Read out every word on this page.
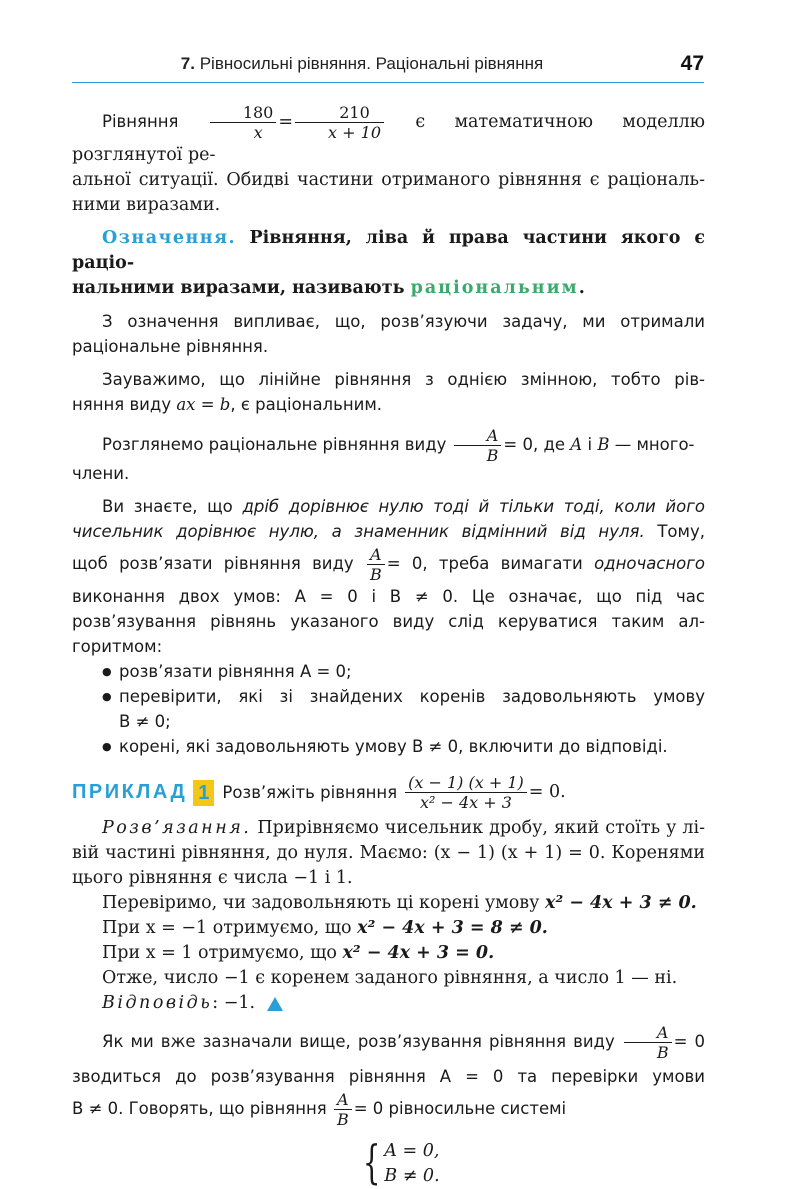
7. Рівносильні рівняння. Раціональні рівняння	47

Рівняння $\frac{180}{x} = \frac{210}{x + 10}$ є математичною моделлю розглянутої ре-

альної ситуації. Обидві частини отриманого рівняння є раціональ-

ними виразами.

Означення. Рівняння, ліва й права частини якого є раціо-

нальними виразами, називають раціональним.

З означення випливає, що, розв’язуючи задачу, ми отримали

раціональне рівняння.

Зауважимо, що лінійне рівняння з однією змінною, тобто рів-

няння виду ax = b, є раціональним.

Розглянемо раціональне рівняння виду $\frac{A}{B} = 0$, де A і B — много-

члени.

Ви знаєте, що дріб дорівнює нулю тоді й тільки тоді, коли його

чисельник дорівнює нулю, а знаменник відмінний від нуля. Тому,

щоб розв’язати рівняння виду $\frac{A}{B} = 0$, треба вимагати одночасного

виконання двох умов: A = 0 і B ≠ 0. Це означає, що під час

розв’язування рівнянь указаного виду слід керуватися таким ал-

горитмом:

● розв’язати рівняння A = 0;
● перевірити, які зі знайдених коренів задовольняють умову
B ≠ 0;
● корені, які задовольняють умову B ≠ 0, включити до відповіді.
ПРИКЛАД 1 Розв’яжіть рівняння $\frac{(x - 1) (x + 1)}{\text{x² − 4x + 3}} = 0$.

Розв’язання. Прирівняємо чисельник дробу, який стоїть у лі-

вій частині рівняння, до нуля. Маємо: (x − 1) (x + 1) = 0. Коренями

цього рівняння є числа −1 і 1.

Перевіримо, чи задовольняють ці корені умову x² − 4x + 3 ≠ 0.

При x = −1 отримуємо, що x² − 4x + 3 = 8 ≠ 0.

При x = 1 отримуємо, що x² − 4x + 3 = 0.

Отже, число −1 є коренем заданого рівняння, а число 1 — ні.

Відповідь: −1.

Як ми вже зазначали вище, розв’язування рівняння виду $\frac{A}{B} = 0$

зводиться до розв’язування рівняння A = 0 та перевірки умови

B ≠ 0. Говорять, що рівняння $\frac{A}{B} = 0$ рівносильне системі

{ A = 0,
B ≠ 0.
